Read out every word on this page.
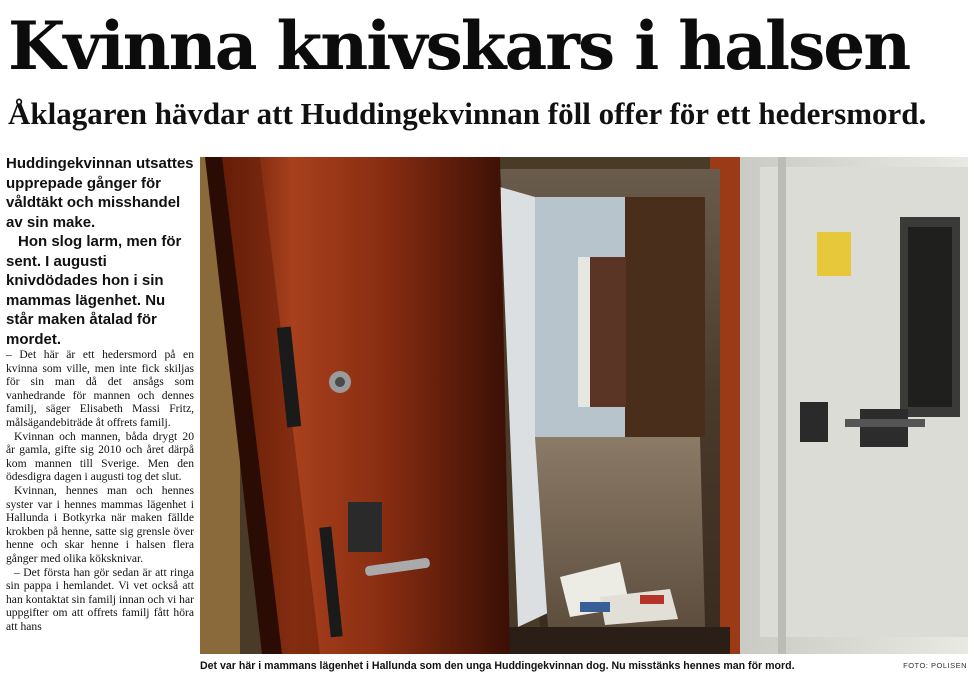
Kvinna knivskars i halsen
Åklagaren hävdar att Huddingekvinnan föll offer för ett hedersmord.

Huddingekvinnan utsattes upprepade gånger för våldtäkt och misshandel av sin make.

Hon slog larm, men för sent. I augusti knivdödades hon i sin mammas lägenhet. Nu står maken åtalad för mordet.

– Det här är ett hedersmord på en kvinna som ville, men inte fick skiljas för sin man då det ansågs som vanhedrande för mannen och dennes familj, säger Elisabeth Massi Fritz, målsägandebiträde åt offrets familj.

Kvinnan och mannen, båda drygt 20 år gamla, gifte sig 2010 och året därpå kom mannen till Sverige. Men den ödesdigra dagen i augusti tog det slut.

Kvinnan, hennes man och hennes syster var i hennes mammas lägenhet i Hallunda i Botkyrka när maken fällde krokben på henne, satte sig grensle över henne och skar henne i halsen flera gånger med olika köksknivar.

– Det första han gör sedan är att ringa sin pappa i hemlandet. Vi vet också att han kontaktat sin familj innan och vi har uppgifter om att offrets familj fått höra att hans

Det var här i mammans lägenhet i Hallunda som den unga Huddingekvinnan dog. Nu misstänks hennes man för mord.	FOTO: POLISEN
